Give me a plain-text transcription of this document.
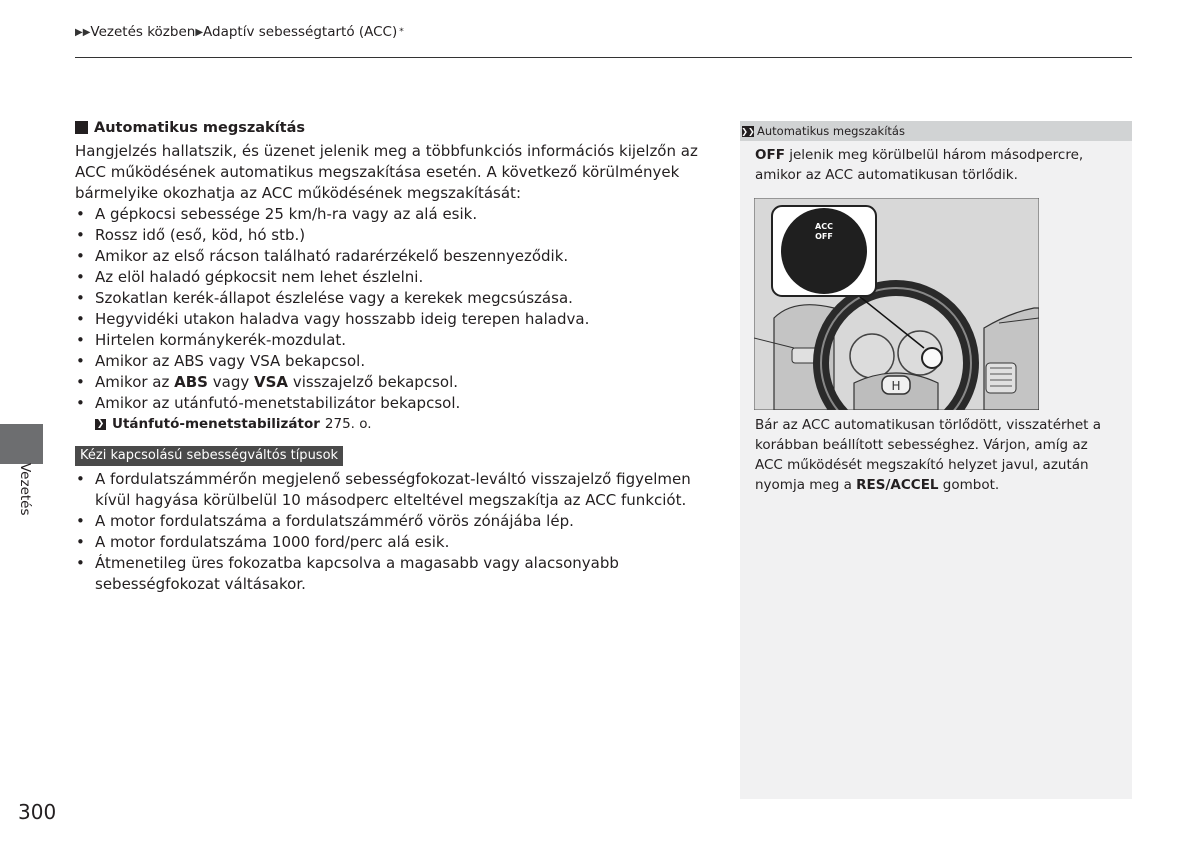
▶▶ Vezetés közben ▶ Adaptív sebességtartó (ACC) *
Automatikus megszakítás

Hangjelzés hallatszik, és üzenet jelenik meg a többfunkciós információs kijelzőn az ACC működésének automatikus megszakítása esetén. A következő körülmények bármelyike okozhatja az ACC működésének megszakítását:

• A gépkocsi sebessége 25 km/h-ra vagy az alá esik.
• Rossz idő (eső, köd, hó stb.)
• Amikor az első rácson található radarérzékelő beszennyeződik.
• Az elöl haladó gépkocsit nem lehet észlelni.
• Szokatlan kerék-állapot észlelése vagy a kerekek megcsúszása.
• Hegyvidéki utakon haladva vagy hosszabb ideig terepen haladva.
• Hirtelen kormánykerék-mozdulat.
• Amikor az ABS vagy VSA bekapcsol.
• Amikor az ABS vagy VSA visszajelző bekapcsol.
• Amikor az utánfutó-menetstabilizátor bekapcsol.
❯ Utánfutó-menetstabilizátor 275. o.
Kézi kapcsolású sebességváltós típusok
• A fordulatszámmérőn megjelenő sebességfokozat-leváltó visszajelző figyelmen kívül hagyása körülbelül 10 másodperc elteltével megszakítja az ACC funkciót.
• A motor fordulatszáma a fordulatszámmérő vörös zónájába lép.
• A motor fordulatszáma 1000 ford/perc alá esik.
• Átmenetileg üres fokozatba kapcsolva a magasabb vagy alacsonyabb sebességfokozat váltásakor.
Vezetés
300
❯❯ Automatikus megszakítás

OFF jelenik meg körülbelül három másodpercre, amikor az ACC automatikusan törlődik.

H
ACC
OFF

Bár az ACC automatikusan törlődött, visszatérhet a korábban beállított sebességhez. Várjon, amíg az ACC működését megszakító helyzet javul, azután nyomja meg a RES/ACCEL gombot.
